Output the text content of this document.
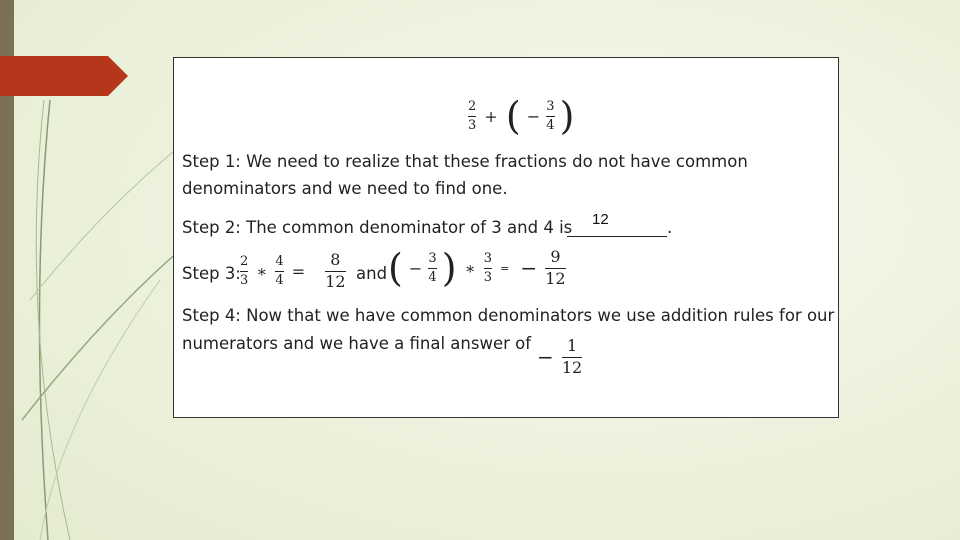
$\frac{2}{3}$ + ( − $\frac{3}{4}$ )
Step 1: We need to realize that these fractions do not have common
denominators and we need to find one.
Step 2: The common denominator of 3 and 4 is 12	.
Step 3: $\frac{2}{3}$ ∗ $\frac{4}{4} = \frac{8}{12}$ and ( − $\frac{3}{4}$ ) ∗ $\frac{3}{3}$ = − $\frac{9}{12}$
Step 4: Now that we have common denominators we use addition rules for our
numerators and we have a final answer of
− $\frac{1}{12}$
